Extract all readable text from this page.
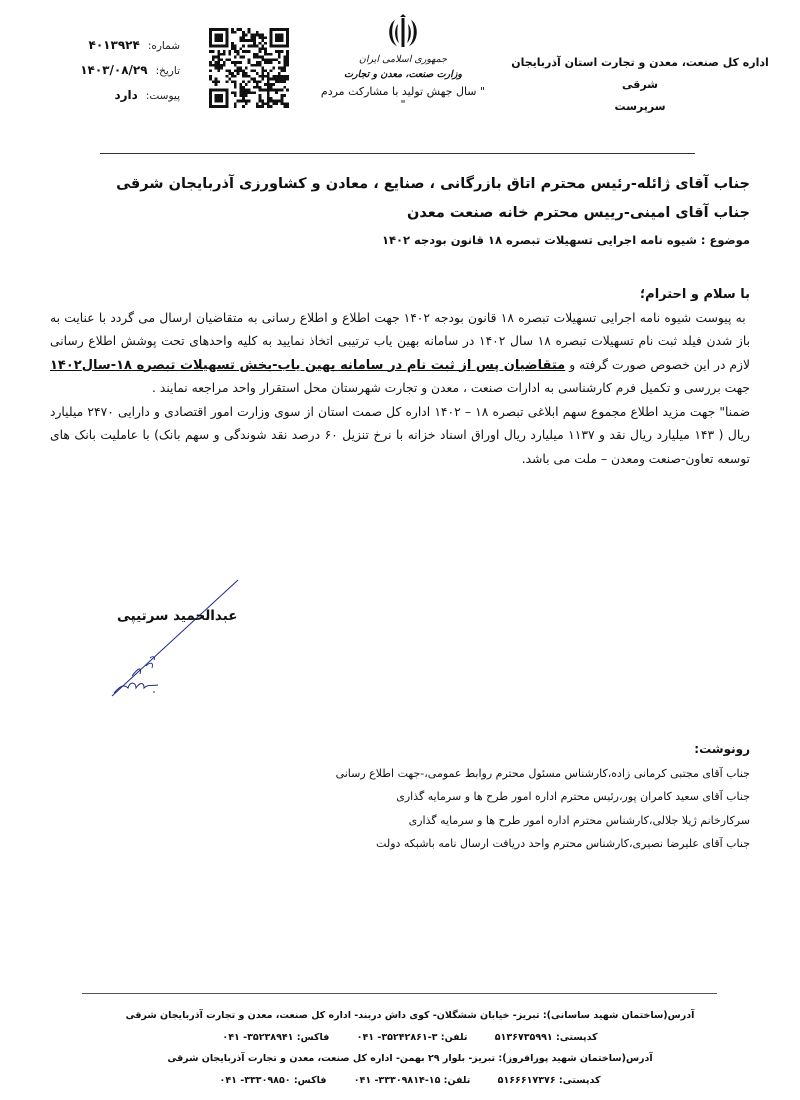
اداره کل صنعت، معدن و تجارت استان آذربایجان شرقی
سرپرست
جمهوری اسلامی ایران
وزارت صنعت، معدن و تجارت
" سال جهش تولید با مشارکت مردم "
شماره:
۴۰۱۳۹۲۴
تاریخ:
۱۴۰۳/۰۸/۲۹
پیوست:
دارد
جناب آقای ژائله-رئیس محترم اتاق بازرگانی ، صنایع ، معادن و کشاورزی آذربایجان شرقی
جناب آقای امینی-رییس محترم خانه صنعت معدن
موضوع : شیوه نامه اجرایی تسهیلات تبصره ۱۸ قانون بودجه ۱۴۰۲
با سلام و احترام؛

به پیوست شیوه نامه اجرایی تسهیلات تبصره ۱۸ قانون بودجه ۱۴۰۲ جهت اطلاع و اطلاع رسانی به متقاضیان ارسال می گردد با عنایت به باز شدن فیلد ثبت نام تسهیلات تبصره ۱۸ سال ۱۴۰۲ در سامانه بهین یاب ترتیبی اتخاذ نمایید به کلیه واحدهای تحت پوشش اطلاع رسانی لازم در این خصوص صورت گرفته و متقاضیان پس از ثبت نام در سامانه بهین یاب-بخش تسهیلات تبصره ۱۸-سال۱۴۰۲ جهت بررسی و تکمیل فرم کارشناسی به ادارات صنعت ، معدن و تجارت شهرستان محل استقرار واحد مراجعه نمایند .

ضمنا" جهت مزید اطلاع مجموع سهم ابلاغی تبصره ۱۸ – ۱۴۰۲ اداره کل صمت استان از سوی وزارت امور اقتصادی و دارایی ۲۴۷۰ میلیارد ریال ( ۱۴۳ میلیارد ریال نقد و ۱۱۳۷ میلیارد ریال اوراق اسناد خزانه با نرخ تنزیل ۶۰ درصد نقد شوندگی و سهم بانک) با عاملیت بانک های توسعه تعاون-صنعت ومعدن – ملت می باشد.

عبدالحمید سرتیپی
رونوشت:
جناب آقای مجتبی کرمانی زاده،کارشناس مسئول محترم روابط عمومی،-جهت اطلاع رسانی
جناب آقای سعید کامران پور،رئیس محترم اداره امور طرح ها و سرمایه گذاری
سرکارخانم ژیلا جلالی،کارشناس محترم اداره امور طرح ها و سرمایه گذاری
جناب آقای علیرضا نصیری،کارشناس محترم واحد دریافت ارسال نامه باشبکه دولت
آدرس(ساختمان شهید ساسانی): تبریز- خیابان ششگلان- کوی داش دربند- اداره کل صنعت، معدن و تجارت آذربایجان شرقی
کدپستی: ۵۱۳۶۷۳۵۹۹۱ تلفن: ۳-۳۵۲۴۲۸۶۱- ۰۴۱ فاکس: ۳۵۲۳۸۹۴۱- ۰۴۱
آدرس(ساختمان شهید پورافروز): تبریز- بلوار ۲۹ بهمن- اداره کل صنعت، معدن و تجارت آذربایجان شرقی
کدپستی: ۵۱۶۶۶۱۷۳۷۶ تلفن: ۱۵-۳۳۳۰۹۸۱۴- ۰۴۱ فاکس: ۳۳۳۰۹۸۵۰- ۰۴۱
